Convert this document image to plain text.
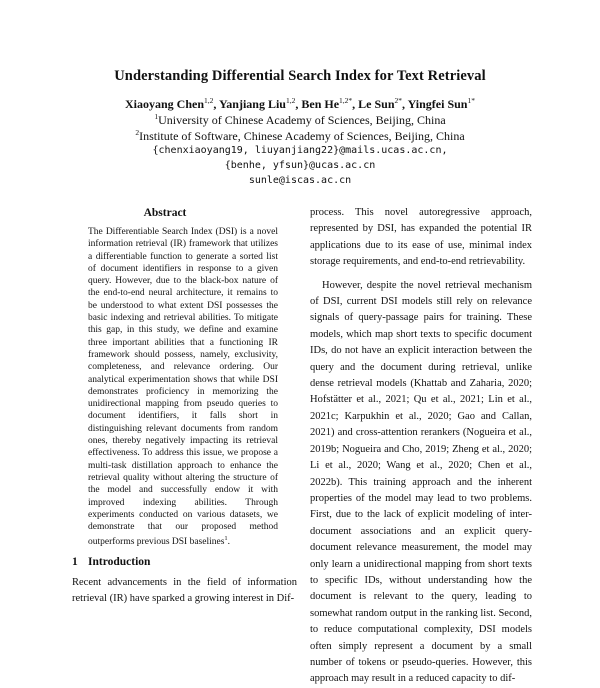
Understanding Differential Search Index for Text Retrieval
Xiaoyang Chen$^{1,2}$, Yanjiang Liu$^{1,2}$, Ben $He^{1,2*}$, Le Sun$^{2*}$, Yingfei Sun$^{1*}$
$^1$University of Chinese Academy of Sciences, Beijing, China
$^2$Institute of Software, Chinese Academy of Sciences, Beijing, China
{chenxiaoyang19, liuyanjiang22}@mails.ucas.ac.cn,
{benhe, yfsun}@ucas.ac.cn
sunle@iscas.ac.cn
Abstract
The Differentiable Search Index (DSI) is a novel information retrieval (IR) framework that utilizes a differentiable function to generate a sorted list of document identifiers in response to a given query. However, due to the black-box nature of the end-to-end neural architecture, it remains to be understood to what extent DSI possesses the basic indexing and retrieval abilities. To mitigate this gap, in this study, we define and examine three important abilities that a functioning IR framework should possess, namely, exclusivity, completeness, and relevance ordering. Our analytical experimentation shows that while DSI demonstrates proficiency in memorizing the unidirectional mapping from pseudo queries to document identifiers, it falls short in distinguishing relevant documents from random ones, thereby negatively impacting its retrieval effectiveness. To address this issue, we propose a multi-task distillation approach to enhance the retrieval quality without altering the structure of the model and successfully endow it with improved indexing abilities. Through experiments conducted on various datasets, we demonstrate that our proposed method outperforms previous DSI baselines$^1$.
1 Introduction
Recent advancements in the field of information retrieval (IR) have sparked a growing interest in Dif-

process. This novel autoregressive approach, represented by DSI, has expanded the potential IR applications due to its ease of use, minimal index storage requirements, and end-to-end retrievability.

However, despite the novel retrieval mechanism of DSI, current DSI models still rely on relevance signals of query-passage pairs for training. These models, which map short texts to specific document IDs, do not have an explicit interaction between the query and the document during retrieval, unlike dense retrieval models (Khattab and Zaharia, 2020; Hofstätter et al., 2021; Qu et al., 2021; Lin et al., 2021c; Karpukhin et al., 2020; Gao and Callan, 2021) and cross-attention rerankers (Nogueira et al., 2019b; Nogueira and Cho, 2019; Zheng et al., 2020; Li et al., 2020; Wang et al., 2020; Chen et al., 2022b). This training approach and the inherent properties of the model may lead to two problems. First, due to the lack of explicit modeling of inter-document associations and an explicit query-document relevance measurement, the model may only learn a unidirectional mapping from short texts to specific IDs, without understanding how the document is relevant to the query, leading to somewhat random output in the ranking list. Second, to reduce computational complexity, DSI models often simply represent a document by a small number of tokens or pseudo-queries. However, this approach may result in a reduced capacity to dif-
